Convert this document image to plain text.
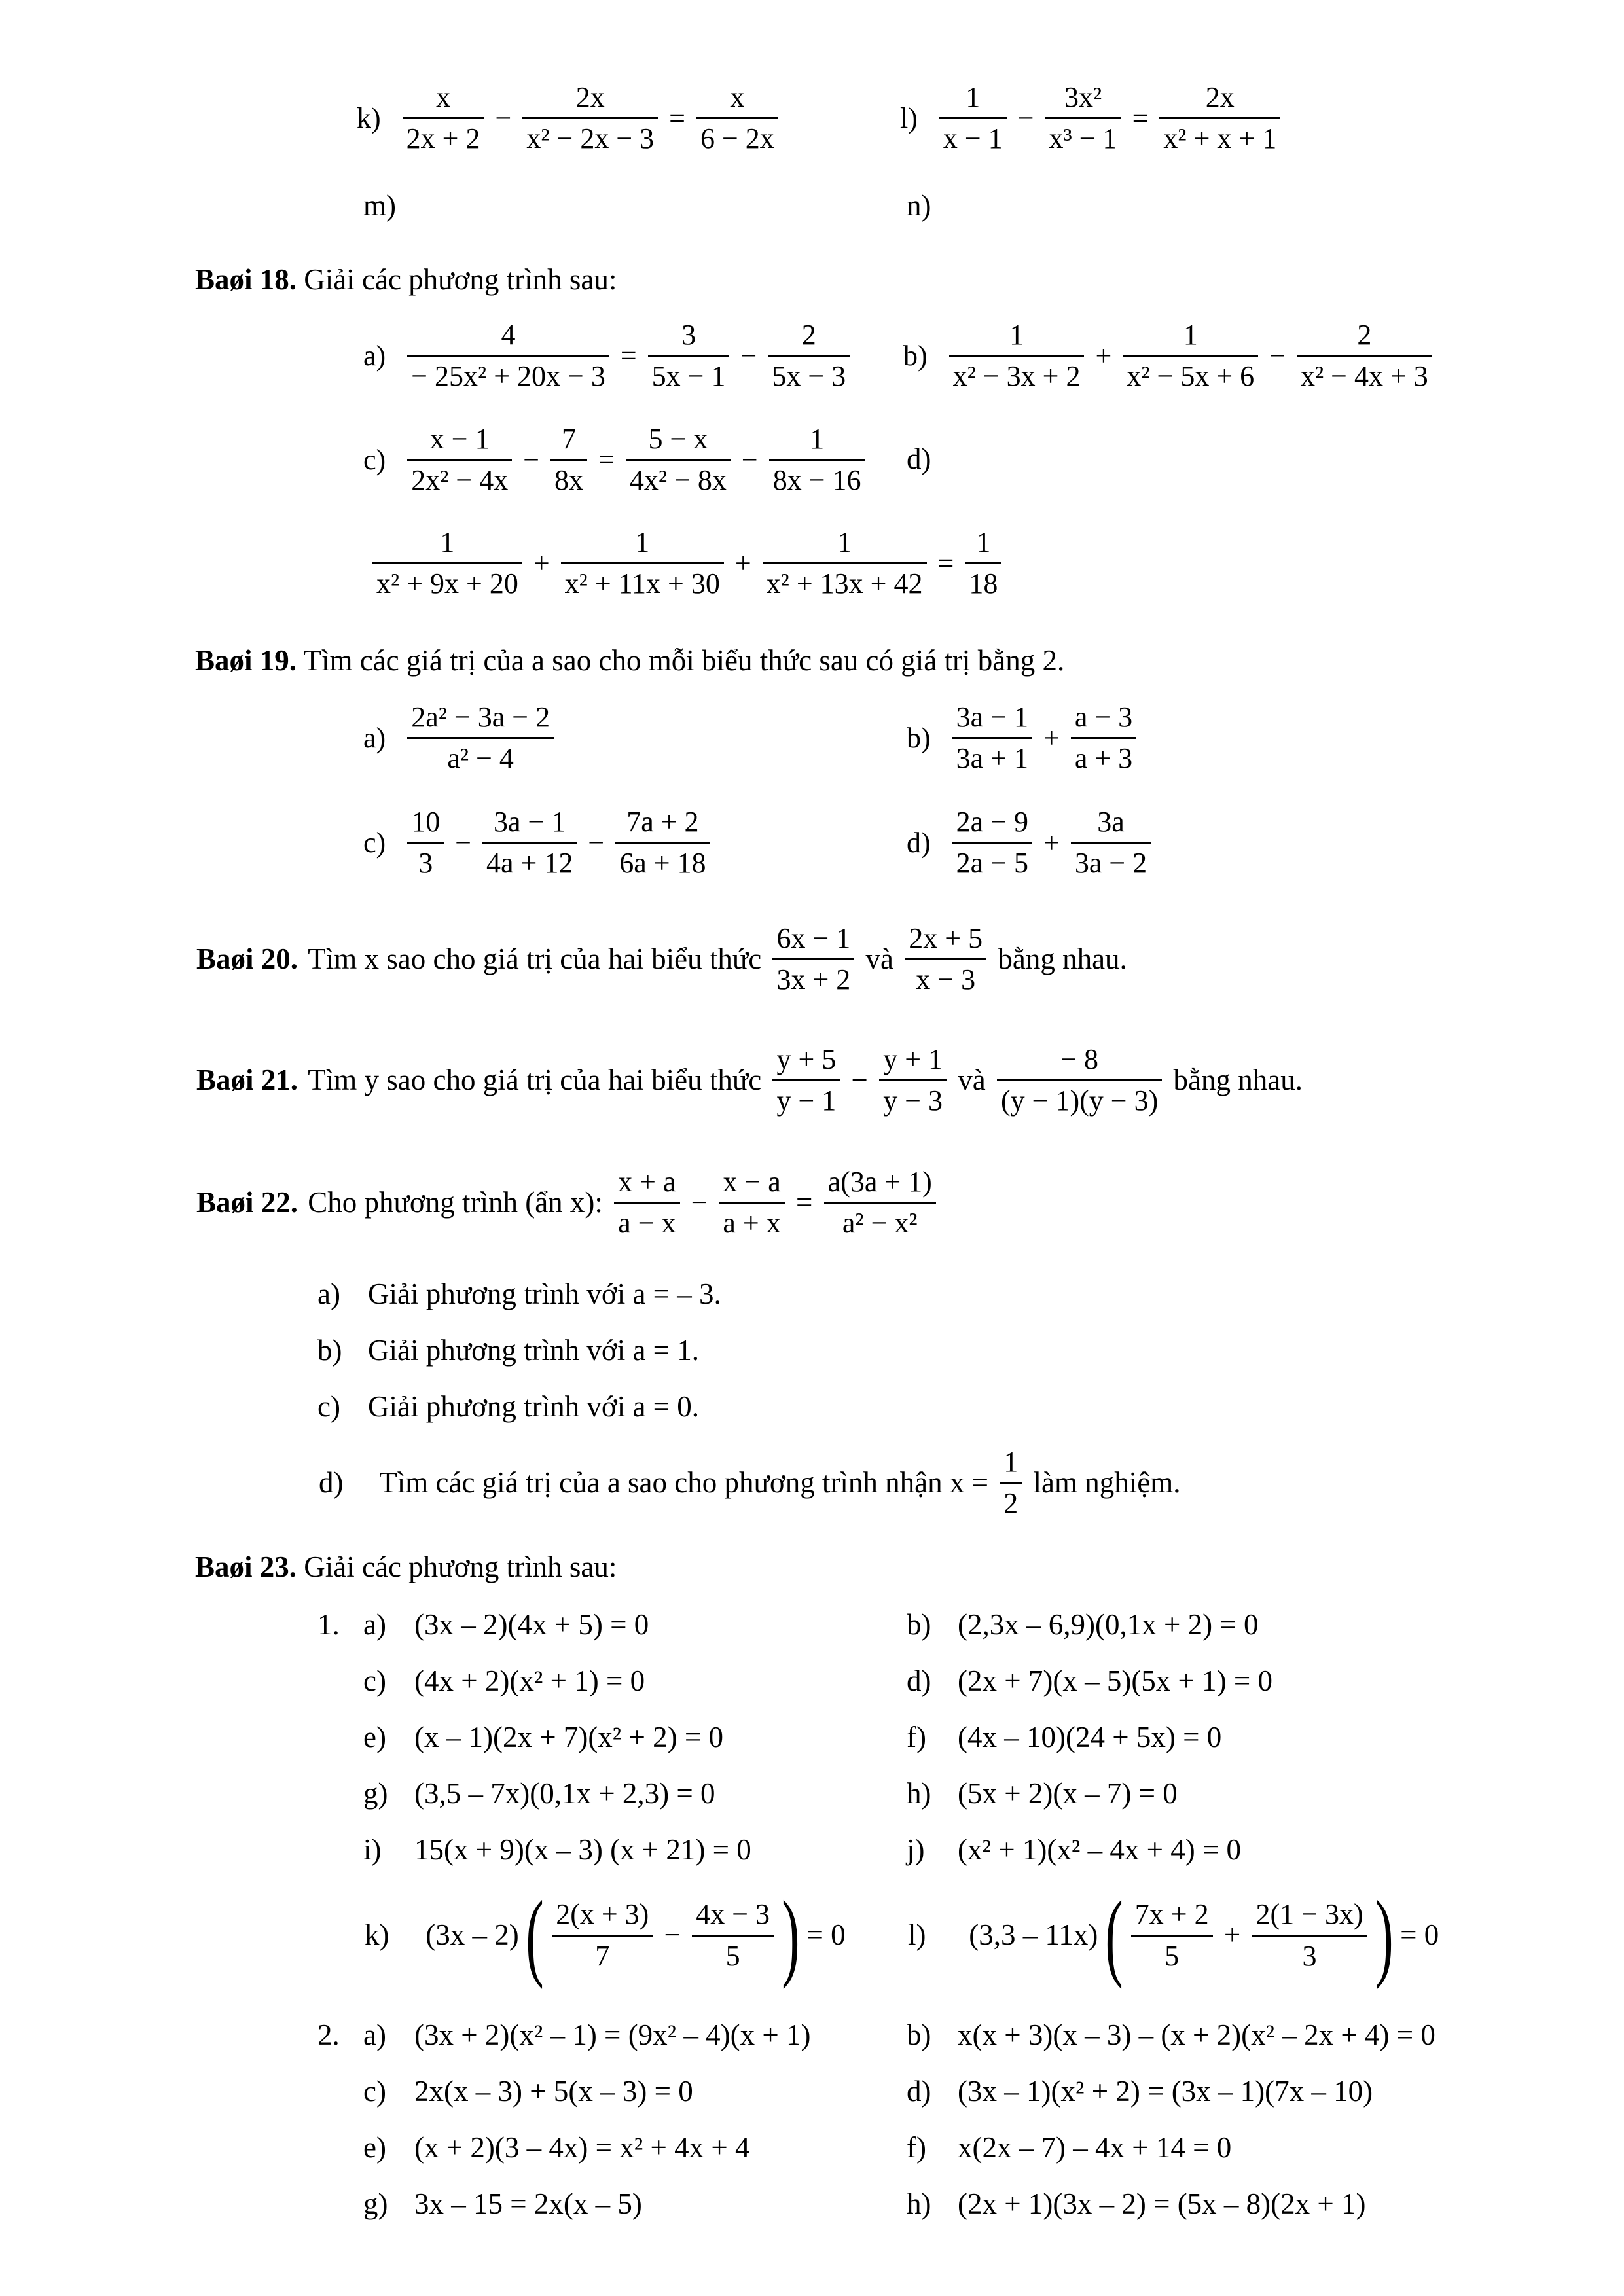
$k) \frac{x}{2x + 2} - \frac{2x}{\text{x² − 2x − 3}} = \frac{x}{6 - 2x}$	$l) \frac{1}{x - 1} - \frac{\text{3x²}}{\text{x³ − 1}} = \frac{2x}{\text{x² + x + 1}}$
m)	n)
Baøi 18. Giải các phương trình sau:
$a) \frac{4}{\text{− 25x² + 20x − 3}} = \frac{3}{5x - 1} - \frac{2}{5x - 3} b) \frac{1}{\text{x² − 3x + 2}} + \frac{1}{\text{x² − 5x + 6}} - \frac{2}{\text{x² − 4x + 3}}$
$c) \frac{x - 1}{\text{2x² − 4x}} - \frac{7}{8x} = \frac{5 - x}{\text{4x² − 8x}} - \frac{1}{8x - 16} d$)
$\frac{1}{\text{x² + 9x + 20}} + \frac{1}{\text{x² + 11x + 30}} + \frac{1}{\text{x² + 13x + 42}} = \frac{1}{18}$
Baøi 19. Tìm các giá trị của a sao cho mỗi biểu thức sau có giá trị bằng 2.
$a) \frac{\text{2a² − 3a − 2}}{\text{a² − 4}}$	$b) \frac{3a - 1}{3a + 1} + \frac{a - 3}{a + 3}$
$c) \frac{10}{3} - \frac{3a - 1}{4a + 12} - \frac{7a + 2}{6a + 18}$	$d) \frac{2a - 9}{2a - 5} + \frac{3a}{3a - 2}$
Baøi 20. Tìm x sao cho giá trị của hai biểu thức $\frac{6x - 1}{3x + 2}$ và $\frac{2x + 5}{x - 3}$ bằng nhau.
Baøi 21. Tìm y sao cho giá trị của hai biểu thức $\frac{y + 5}{y - 1} - \frac{y + 1}{y - 3}$ và $\frac{- 8}{(y - 1)(y - 3)}$ bằng nhau.
Baøi 22. Cho phương trình (ẩn x): $\frac{x + a}{a - x} - \frac{x - a}{a + x} = \frac{a(3a + 1)}{\text{a² − x²}}$
a) Giải phương trình với a = – 3.
b) Giải phương trình với a = 1.
c) Giải phương trình với a = 0.
d) Tìm các giá trị của a sao cho phương trình nhận $x = \frac{1}{2}$ làm nghiệm.
Baøi 23. Giải các phương trình sau:
1. a) (3x – 2)(4x + 5) = 0	b) (2,3x – 6,9)(0,1x + 2) = 0
c) (4x + 2)(x² + 1) = 0	d) (2x + 7)(x – 5)(5x + 1) = 0
e) (x – 1)(2x + 7)(x² + 2) = 0	f) (4x – 10)(24 + 5x) = 0
g) (3,5 – 7x)(0,1x + 2,3) = 0	h) (5x + 2)(x – 7) = 0
i) 15(x + 9)(x – 3) (x + 21) = 0	j) (x² + 1)(x² – 4x + 4) = 0
k) (3x – 2) ( $\frac{2(x + 3)}{7} - \frac{4x - 3}{5}$ ) = 0 l) (3,3 – 11x) ( $\frac{7x + 2}{5} + \frac{2(1 - 3x)}{3}$ ) = 0
2. a) (3x + 2)(x² – 1) = (9x² – 4)(x + 1)	b) x(x + 3)(x – 3) – (x + 2)(x² – 2x + 4) = 0
c) 2x(x – 3) + 5(x – 3) = 0	d) (3x – 1)(x² + 2) = (3x – 1)(7x – 10)
e) (x + 2)(3 – 4x) = x² + 4x + 4	f) x(2x – 7) – 4x + 14 = 0
g) 3x – 15 = 2x(x – 5)	h) (2x + 1)(3x – 2) = (5x – 8)(2x + 1)
